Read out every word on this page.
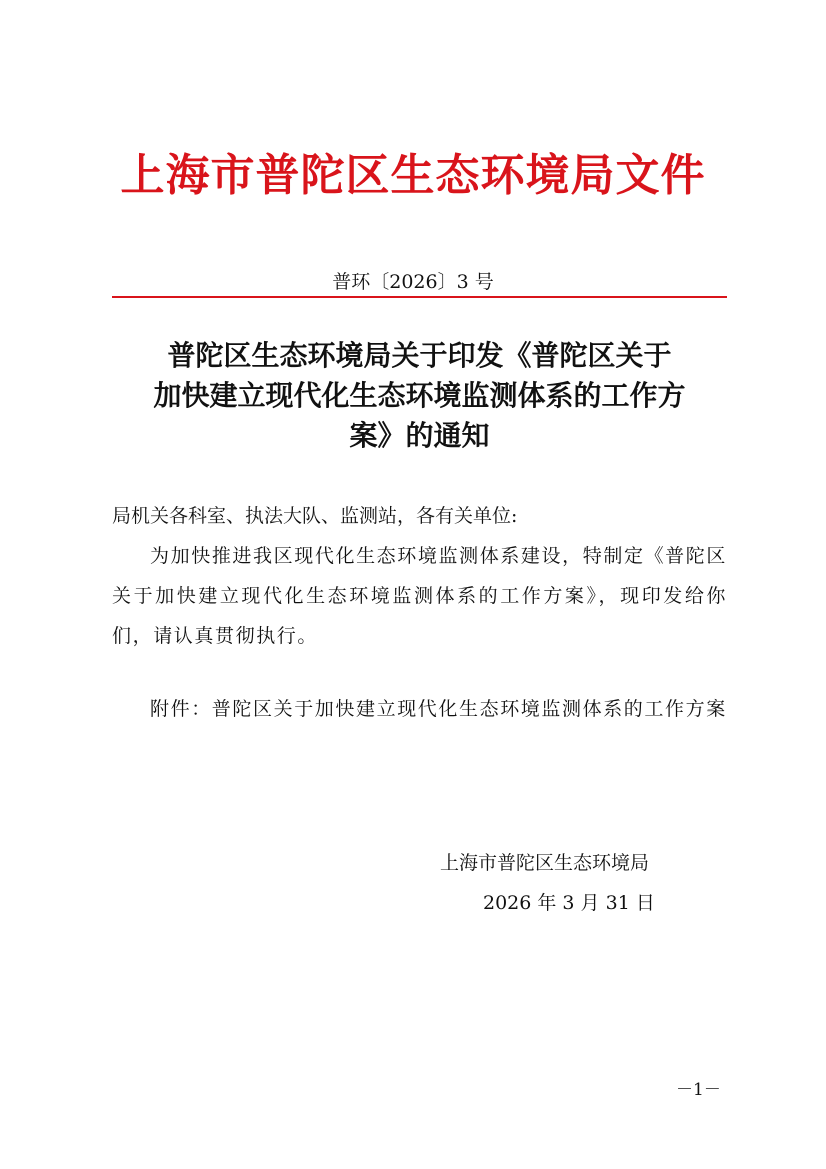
上海市普陀区生态环境局文件
普环〔2026〕3 号
普陀区生态环境局关于印发《普陀区关于
加快建立现代化生态环境监测体系的工作方
案》的通知
局机关各科室、执法大队、监测站，各有关单位:
为加快推进我区现代化生态环境监测体系建设，特制定《普陀区关于加快建立现代化生态环境监测体系的工作方案》，现印发给你们，请认真贯彻执行。
附件：普陀区关于加快建立现代化生态环境监测体系的工作方案
上海市普陀区生态环境局
2026 年 3 月 31 日
－1－
